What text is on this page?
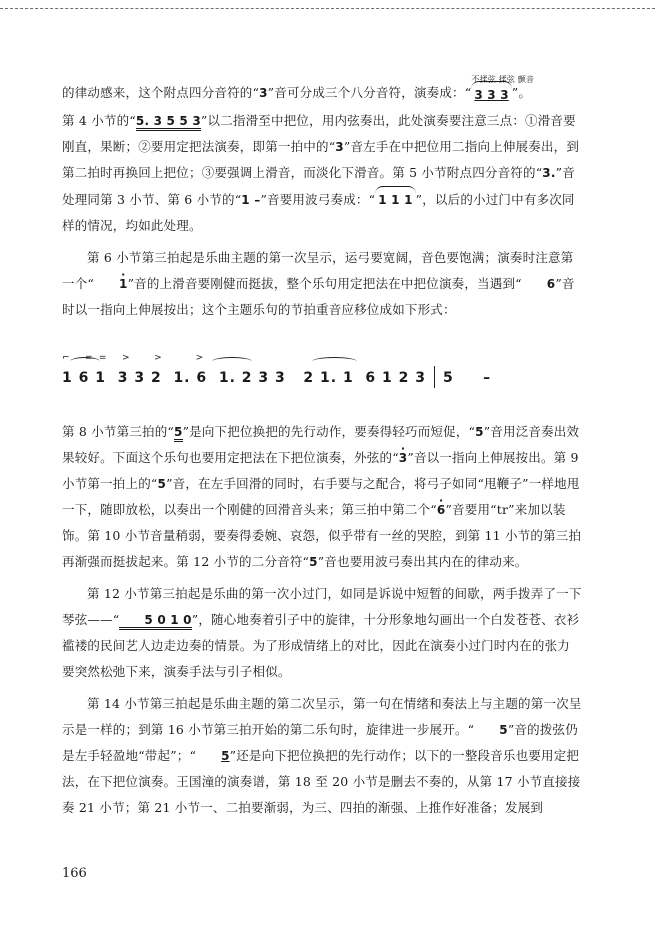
的律动感来，这个附点四分音符的“3”音可分成三个八分音符，演奏成：“
不揉弦 揉弦 颤音
3 3 3 ”。

第 4 小节的“5. 3 5 5 3”以二指滑至中把位，用内弦奏出，此处演奏要注意三点：①滑音要刚直，果断；②要用定把法演奏，即第一拍中的“3”音左手在中把位用二指向上伸展奏出，到第二拍时再换回上把位；③要强调上滑音，而淡化下滑音。第 5 小节附点四分音符的“3.”音处理同第 3 小节、第 6 小节的“1 –”音要用波弓奏成：“ 1 1 1 ”，以后的小过门中有多次同样的情况，均如此处理。

第 6 小节第三拍起是乐曲主题的第一次呈示，运弓要宽阔，音色要饱满；演奏时注意第一个“· 1”音的上滑音要刚健而挺拔，整个乐句用定把法在中把位演奏，当遇到“ 6”音时以一指向上伸展按出；这个主题乐句的节拍重音应移位成如下形式：

⌐     =  =     >        >           >
1 6 1  3 3 2  1. 6  1. 2 3 3   2 1. 1  6 1 2 3 5     –

第 8 小节第三拍的“5”是向下把位换把的先行动作，要奏得轻巧而短促，“5”音用泛音奏出效果较好。下面这个乐句也要用定把法在下把位演奏，外弦的“· 3”音以一指向上伸展按出。第 9 小节第一拍上的“5”音，在左手回滑的同时，右手要与之配合，将弓子如同“甩鞭子”一样地甩一下，随即放松，以奏出一个刚健的回滑音头来；第三拍中第二个“· 6”音要用“tr”来加以装饰。第 10 小节音量稍弱，要奏得委婉、哀怨，似乎带有一丝的哭腔，到第 11 小节的第三拍再渐强而挺拔起来。第 12 小节的二分音符“5”音也要用波弓奏出其内在的律动来。

第 12 小节第三拍起是乐曲的第一次小过门，如同是诉说中短暂的间歇，两手拨弄了一下琴弦——“ 5 0 1 0”，随心地奏着引子中的旋律，十分形象地勾画出一个白发苍苍、衣衫褴褛的民间艺人边走边奏的情景。为了形成情绪上的对比，因此在演奏小过门时内在的张力要突然松弛下来，演奏手法与引子相似。

第 14 小节第三拍起是乐曲主题的第二次呈示，第一句在情绪和奏法上与主题的第一次呈示是一样的；到第 16 小节第三拍开始的第二乐句时，旋律进一步展开。“ 5”音的拨弦仍是左手轻盈地“带起”；“ 5”还是向下把位换把的先行动作；以下的一整段音乐也要用定把法，在下把位演奏。王国潼的演奏谱，第 18 至 20 小节是删去不奏的，从第 17 小节直接接奏 21 小节；第 21 小节一、二拍要渐弱，为三、四拍的渐强、上推作好准备；发展到

166
